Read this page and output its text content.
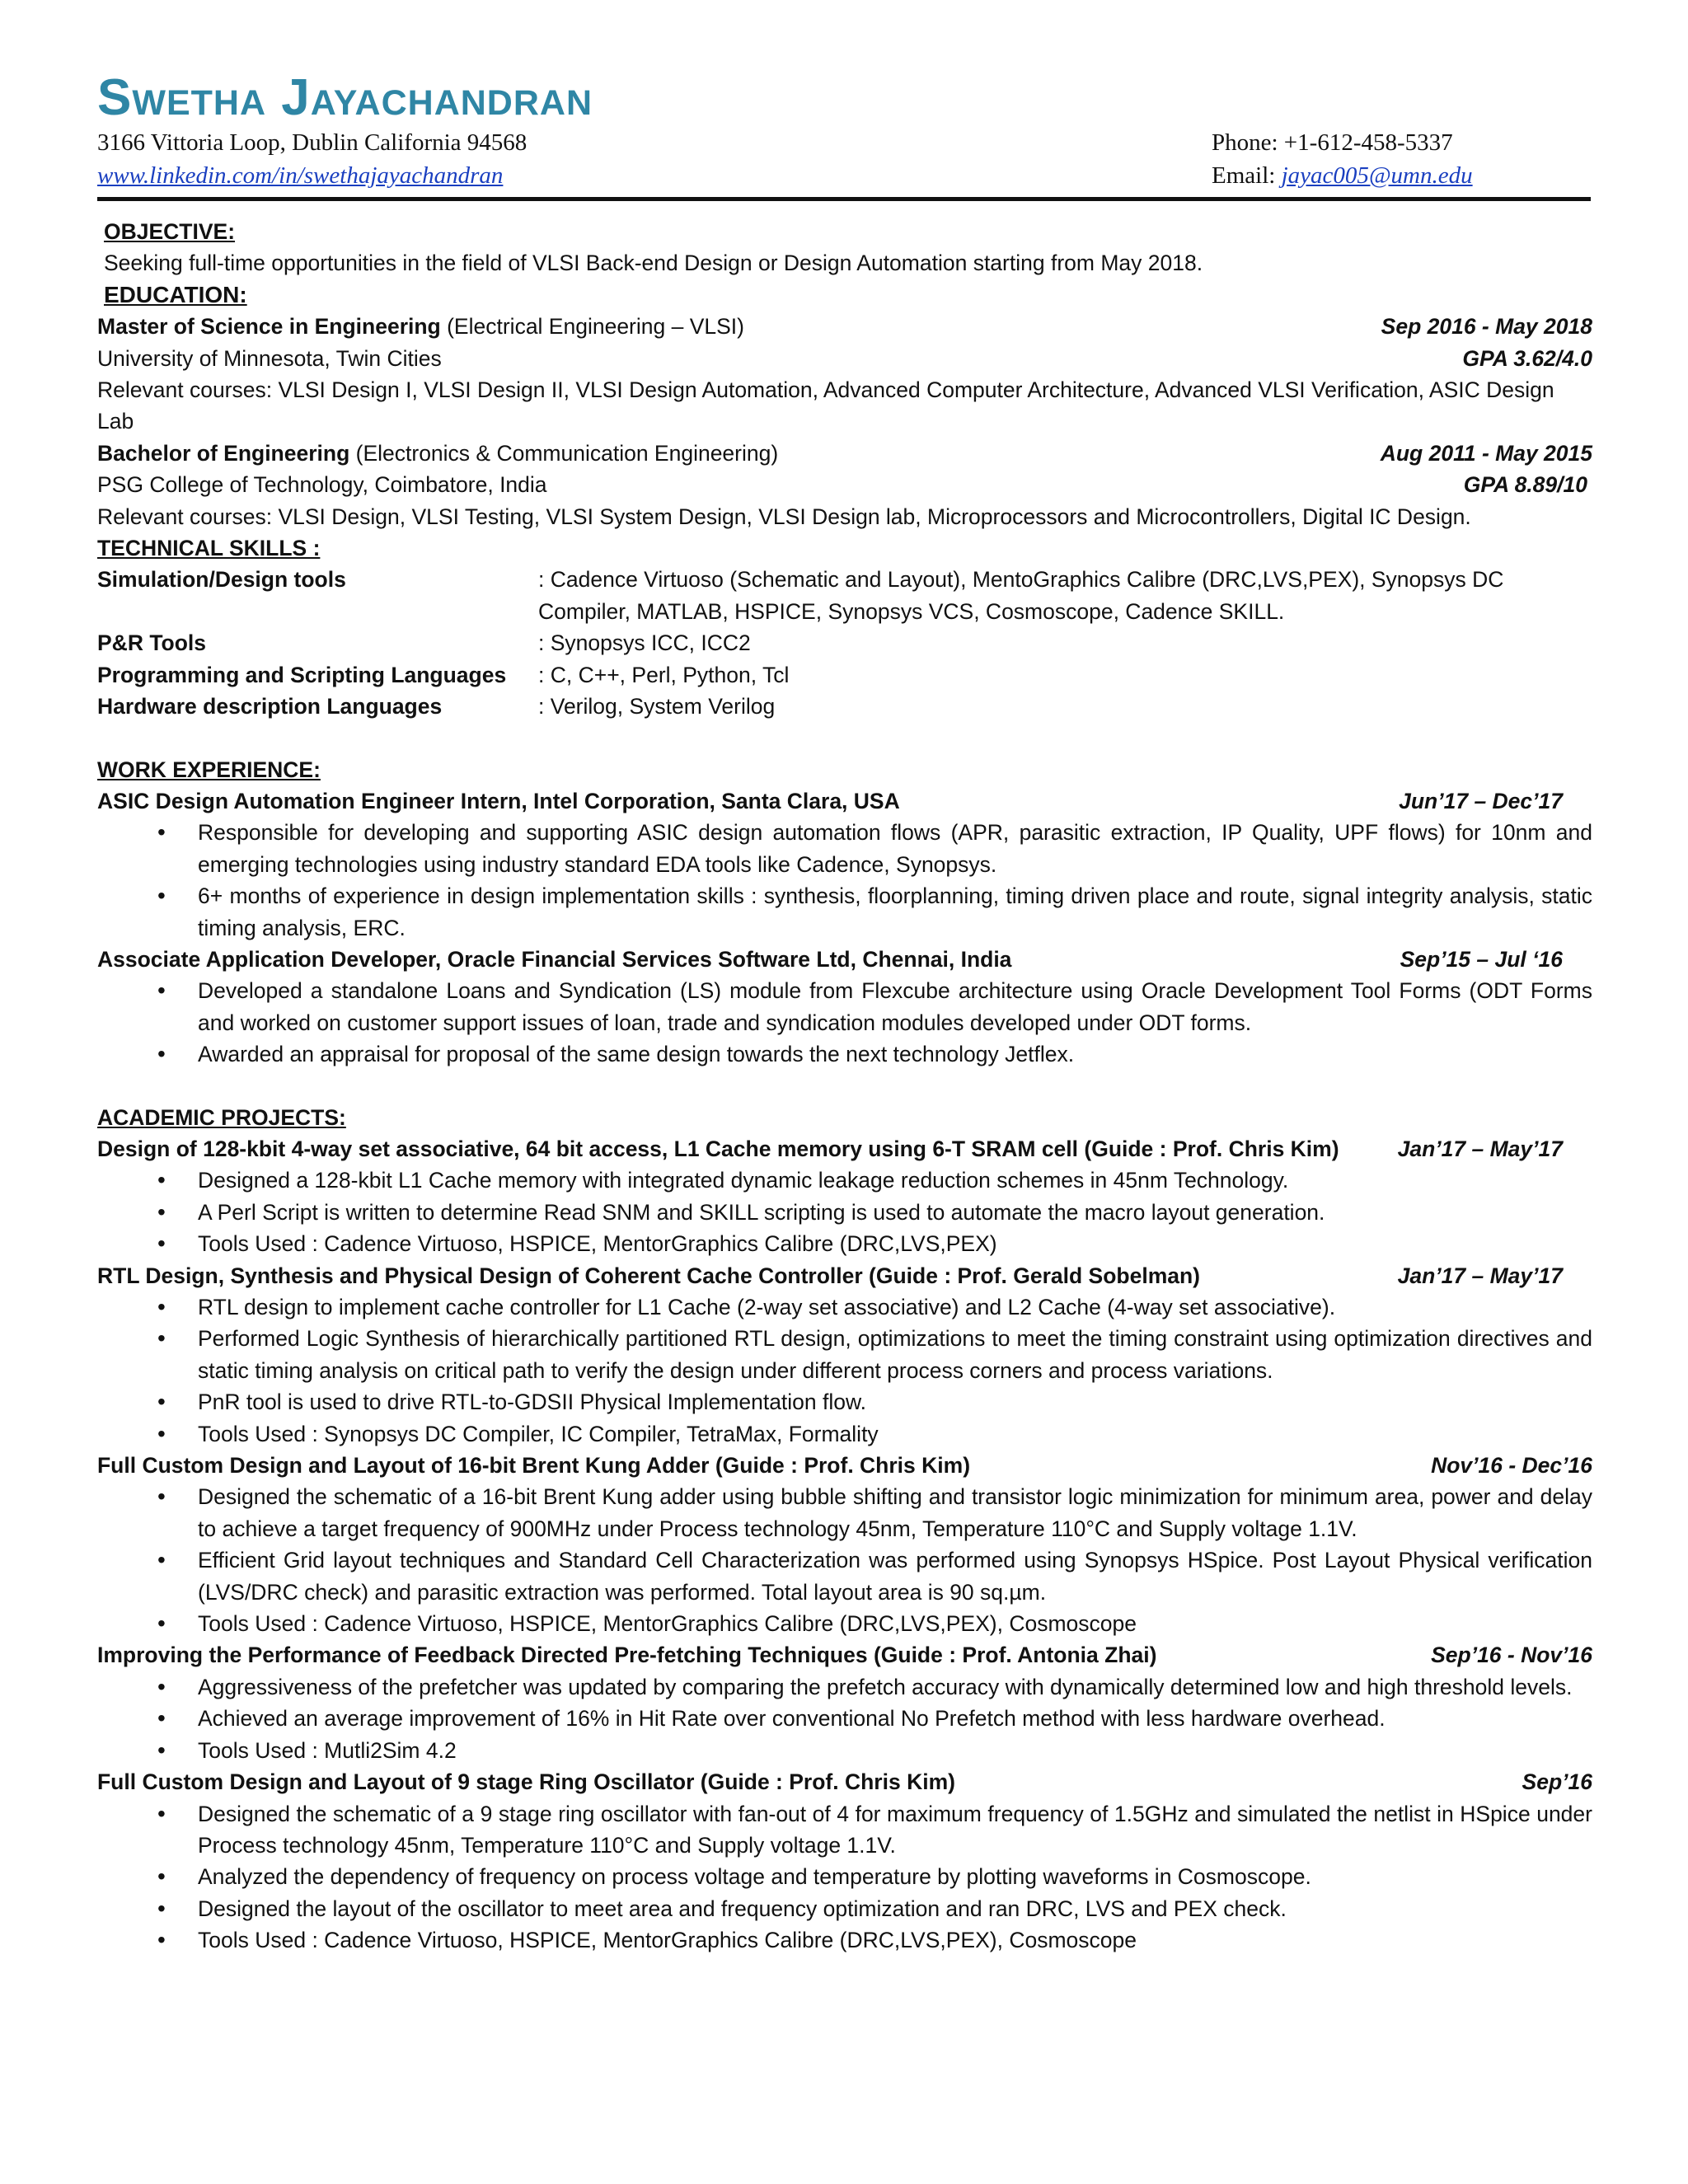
Swetha Jayachandran
3166 Vittoria Loop, Dublin California 94568
www.linkedin.com/in/swethajayachandran
Phone: +1-612-458-5337
Email: jayac005@umn.edu

OBJECTIVE:

Seeking full-time opportunities in the field of VLSI Back-end Design or Design Automation starting from May 2018.

EDUCATION:

Master of Science in Engineering (Electrical Engineering – VLSI)	Sep 2016 - May 2018
University of Minnesota, Twin Cities	GPA 3.62/4.0

Relevant courses: VLSI Design I, VLSI Design II, VLSI Design Automation, Advanced Computer Architecture, Advanced VLSI Verification, ASIC Design Lab

Bachelor of Engineering (Electronics & Communication Engineering)	Aug 2011 - May 2015
PSG College of Technology, Coimbatore, India	GPA 8.89/10

Relevant courses: VLSI Design, VLSI Testing, VLSI System Design, VLSI Design lab, Microprocessors and Microcontrollers, Digital IC Design.

TECHNICAL SKILLS :

Simulation/Design tools	: Cadence Virtuoso (Schematic and Layout), MentoGraphics Calibre (DRC,LVS,PEX), Synopsys DC Compiler, MATLAB, HSPICE, Synopsys VCS, Cosmoscope, Cadence SKILL.
P&R Tools	: Synopsys ICC, ICC2
Programming and Scripting Languages	: C, C++, Perl, Python, Tcl
Hardware description Languages	: Verilog, System Verilog

WORK EXPERIENCE:

ASIC Design Automation Engineer Intern, Intel Corporation, Santa Clara, USA	Jun’17 – Dec’17
• Responsible for developing and supporting ASIC design automation flows (APR, parasitic extraction, IP Quality, UPF flows) for 10nm and emerging technologies using industry standard EDA tools like Cadence, Synopsys.
• 6+ months of experience in design implementation skills : synthesis, floorplanning, timing driven place and route, signal integrity analysis, static timing analysis, ERC.
Associate Application Developer, Oracle Financial Services Software Ltd, Chennai, India	Sep’15 – Jul ‘16
• Developed a standalone Loans and Syndication (LS) module from Flexcube architecture using Oracle Development Tool Forms (ODT Forms and worked on customer support issues of loan, trade and syndication modules developed under ODT forms.
• Awarded an appraisal for proposal of the same design towards the next technology Jetflex.

ACADEMIC PROJECTS:

Design of 128-kbit 4-way set associative, 64 bit access, L1 Cache memory using 6-T SRAM cell (Guide : Prof. Chris Kim)	Jan’17 – May’17
• Designed a 128-kbit L1 Cache memory with integrated dynamic leakage reduction schemes in 45nm Technology.
• A Perl Script is written to determine Read SNM and SKILL scripting is used to automate the macro layout generation.
• Tools Used : Cadence Virtuoso, HSPICE, MentorGraphics Calibre (DRC,LVS,PEX)
RTL Design, Synthesis and Physical Design of Coherent Cache Controller (Guide : Prof. Gerald Sobelman)	Jan’17 – May’17
• RTL design to implement cache controller for L1 Cache (2-way set associative) and L2 Cache (4-way set associative).
• Performed Logic Synthesis of hierarchically partitioned RTL design, optimizations to meet the timing constraint using optimization directives and static timing analysis on critical path to verify the design under different process corners and process variations.
• PnR tool is used to drive RTL-to-GDSII Physical Implementation flow.
• Tools Used : Synopsys DC Compiler, IC Compiler, TetraMax, Formality
Full Custom Design and Layout of 16-bit Brent Kung Adder (Guide : Prof. Chris Kim)	Nov’16 - Dec’16
• Designed the schematic of a 16-bit Brent Kung adder using bubble shifting and transistor logic minimization for minimum area, power and delay to achieve a target frequency of 900MHz under Process technology 45nm, Temperature 110°C and Supply voltage 1.1V.
• Efficient Grid layout techniques and Standard Cell Characterization was performed using Synopsys HSpice. Post Layout Physical verification (LVS/DRC check) and parasitic extraction was performed. Total layout area is 90 sq.µm.
• Tools Used : Cadence Virtuoso, HSPICE, MentorGraphics Calibre (DRC,LVS,PEX), Cosmoscope
Improving the Performance of Feedback Directed Pre-fetching Techniques (Guide : Prof. Antonia Zhai)	Sep’16 - Nov’16
• Aggressiveness of the prefetcher was updated by comparing the prefetch accuracy with dynamically determined low and high threshold levels.
• Achieved an average improvement of 16% in Hit Rate over conventional No Prefetch method with less hardware overhead.
• Tools Used : Mutli2Sim 4.2
Full Custom Design and Layout of 9 stage Ring Oscillator (Guide : Prof. Chris Kim)	Sep’16
• Designed the schematic of a 9 stage ring oscillator with fan-out of 4 for maximum frequency of 1.5GHz and simulated the netlist in HSpice under Process technology 45nm, Temperature 110°C and Supply voltage 1.1V.
• Analyzed the dependency of frequency on process voltage and temperature by plotting waveforms in Cosmoscope.
• Designed the layout of the oscillator to meet area and frequency optimization and ran DRC, LVS and PEX check.
• Tools Used : Cadence Virtuoso, HSPICE, MentorGraphics Calibre (DRC,LVS,PEX), Cosmoscope
